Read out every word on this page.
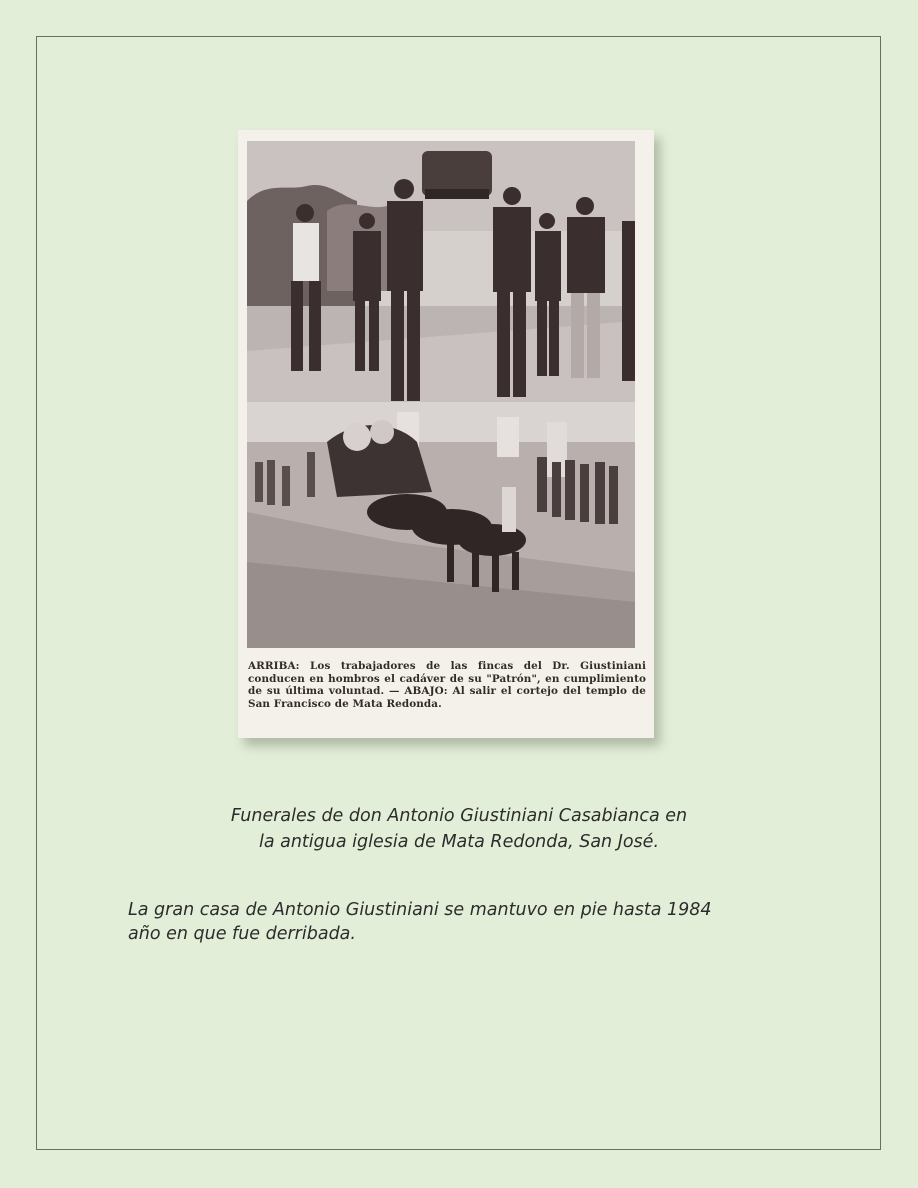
ARRIBA: Los trabajadores de las fincas del Dr. Giustiniani conducen en hombros el cadáver de su "Patrón", en cumplimiento de su última voluntad. — ABAJO: Al salir el cortejo del templo de San Francisco de Mata Redonda.

Funerales de don Antonio Giustiniani Casabianca en
la antigua iglesia de Mata Redonda, San José.

La gran casa de Antonio Giustiniani se mantuvo en pie hasta 1984
año en que fue derribada.
